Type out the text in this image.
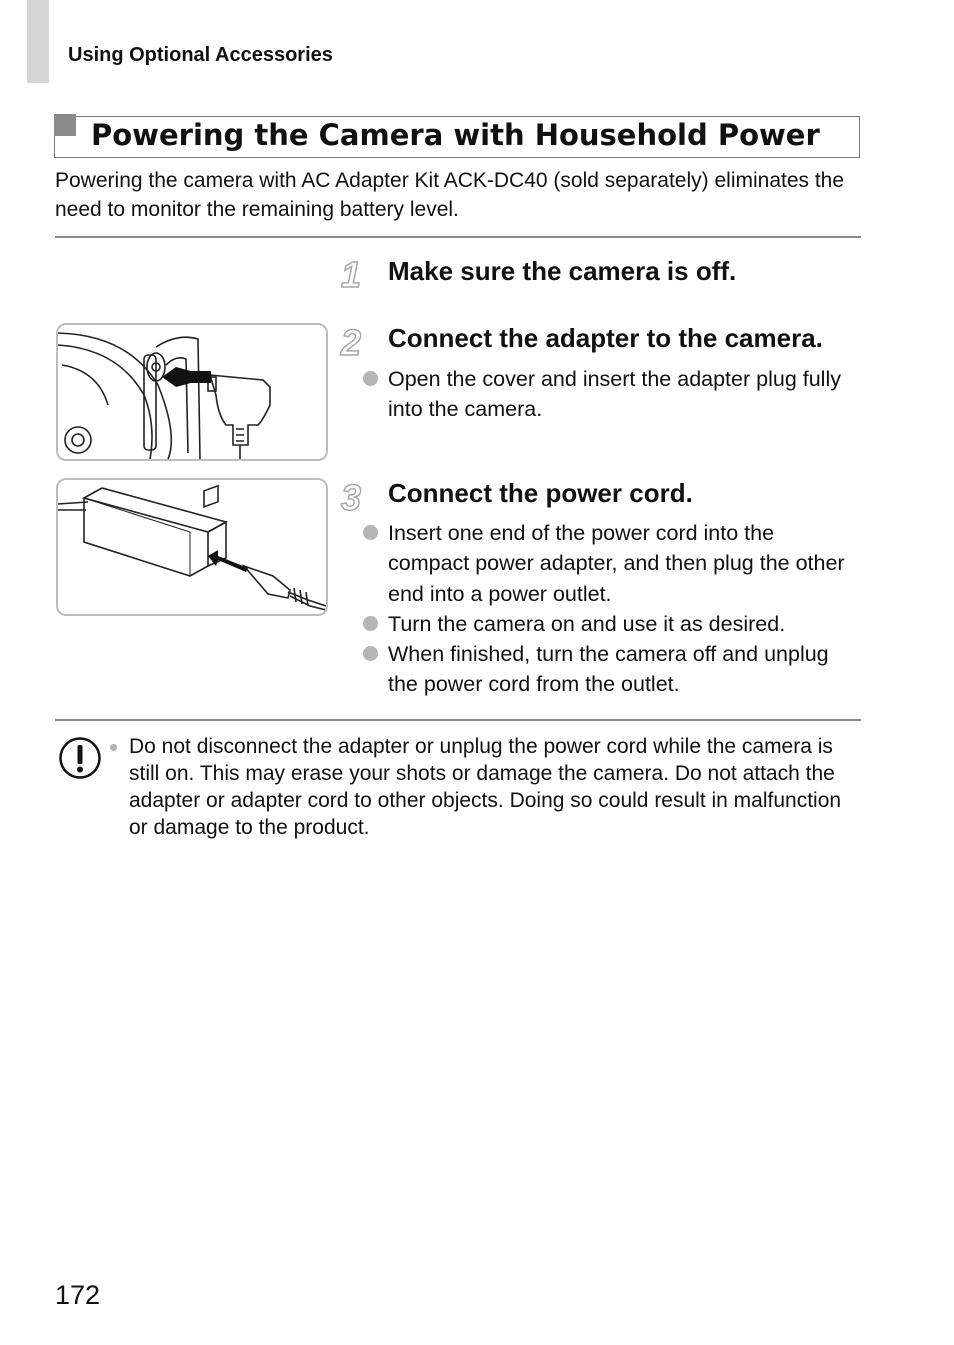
Using Optional Accessories
Powering the Camera with Household Power
Powering the camera with AC Adapter Kit ACK-DC40 (sold separately) eliminates the need to monitor the remaining battery level.
1 Make sure the camera is off.
2 Connect the adapter to the camera.
Open the cover and insert the adapter plug fully into the camera.
3 Connect the power cord.
Insert one end of the power cord into the compact power adapter, and then plug the other end into a power outlet.
Turn the camera on and use it as desired.
When finished, turn the camera off and unplug the power cord from the outlet.
Do not disconnect the adapter or unplug the power cord while the camera is still on. This may erase your shots or damage the camera. Do not attach the adapter or adapter cord to other objects. Doing so could result in malfunction or damage to the product.
172
